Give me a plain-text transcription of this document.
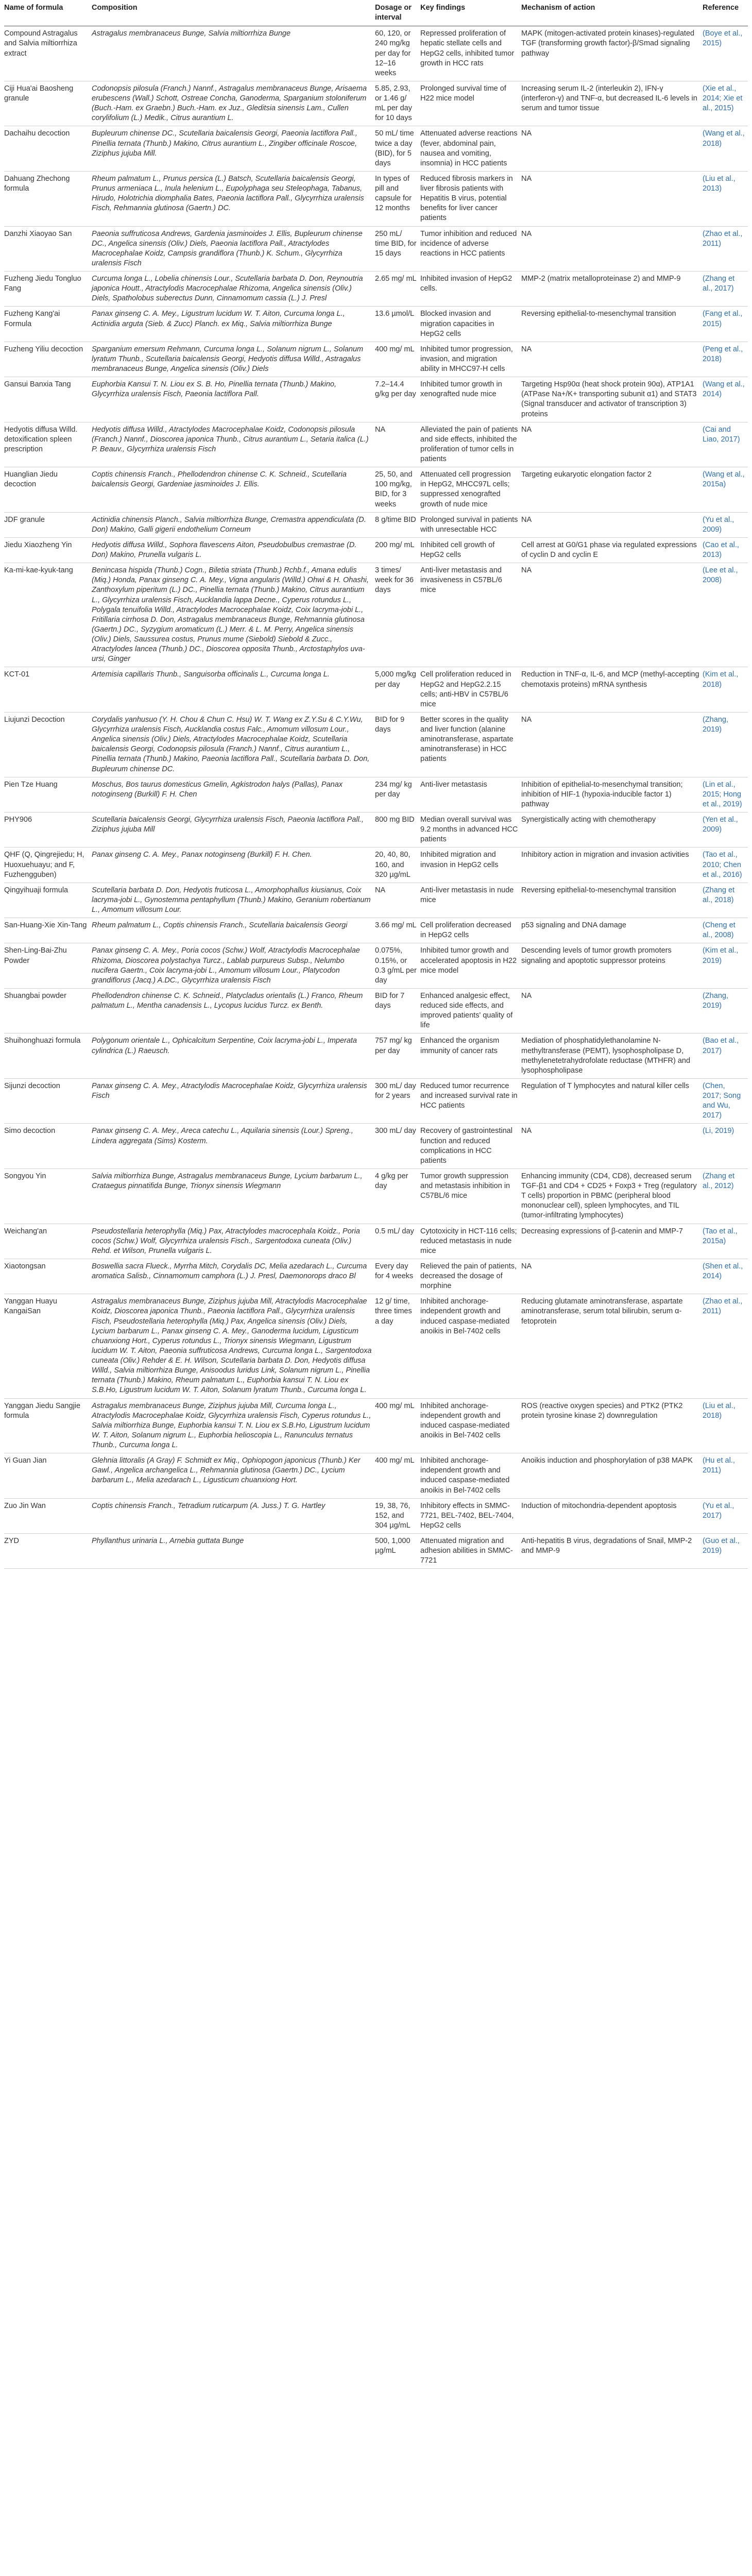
Name of formula	Composition	Dosage or interval	Key findings	Mechanism of action	Reference
Compound Astragalus and Salvia miltiorrhiza extract	Astragalus membranaceus Bunge, Salvia miltiorrhiza Bunge	60, 120, or 240 mg/kg per day for 12–16 weeks	Repressed proliferation of hepatic stellate cells and HepG2 cells, inhibited tumor growth in HCC rats	MAPK (mitogen-activated protein kinases)-regulated TGF (transforming growth factor)-β/Smad signaling pathway	(Boye et al., 2015)
Ciji Hua'ai Baosheng granule	Codonopsis pilosula (Franch.) Nannf., Astragalus membranaceus Bunge, Arisaema erubescens (Wall.) Schott, Ostreae Concha, Ganoderma, Sparganium stoloniferum (Buch.-Ham. ex Graebn.) Buch.-Ham. ex Juz., Gleditsia sinensis Lam., Cullen corylifolium (L.) Medik., Citrus aurantium L.	5.85, 2.93, or 1.46 g/ mL per day for 10 days	Prolonged survival time of H22 mice model	Increasing serum IL-2 (interleukin 2), IFN-γ (interferon-γ) and TNF-α, but decreased IL-6 levels in serum and tumor tissue	(Xie et al., 2014; Xie et al., 2015)
Dachaihu decoction	Bupleurum chinense DC., Scutellaria baicalensis Georgi, Paeonia lactiflora Pall., Pinellia ternata (Thunb.) Makino, Citrus aurantium L., Zingiber officinale Roscoe, Ziziphus jujuba Mill.	50 mL/ time twice a day (BID), for 5 days	Attenuated adverse reactions (fever, abdominal pain, nausea and vomiting, insomnia) in HCC patients	NA	(Wang et al., 2018)
Dahuang Zhechong formula	Rheum palmatum L., Prunus persica (L.) Batsch, Scutellaria baicalensis Georgi, Prunus armeniaca L., Inula helenium L., Eupolyphaga seu Steleophaga, Tabanus, Hirudo, Holotrichia diomphalia Bates, Paeonia lactiflora Pall., Glycyrrhiza uralensis Fisch, Rehmannia glutinosa (Gaertn.) DC.	In types of pill and capsule for 12 months	Reduced fibrosis markers in liver fibrosis patients with Hepatitis B virus, potential benefits for liver cancer patients	NA	(Liu et al., 2013)
Danzhi Xiaoyao San	Paeonia suffruticosa Andrews, Gardenia jasminoides J. Ellis, Bupleurum chinense DC., Angelica sinensis (Oliv.) Diels, Paeonia lactiflora Pall., Atractylodes Macrocephalae Koidz, Campsis grandiflora (Thunb.) K. Schum., Glycyrrhiza uralensis Fisch	250 mL/ time BID, for 15 days	Tumor inhibition and reduced incidence of adverse reactions in HCC patients	NA	(Zhao et al., 2011)
Fuzheng Jiedu Tongluo Fang	Curcuma longa L., Lobelia chinensis Lour., Scutellaria barbata D. Don, Reynoutria japonica Houtt., Atractylodis Macrocephalae Rhizoma, Angelica sinensis (Oliv.) Diels, Spatholobus suberectus Dunn, Cinnamomum cassia (L.) J. Presl	2.65 mg/ mL	Inhibited invasion of HepG2 cells.	MMP-2 (matrix metalloproteinase 2) and MMP-9	(Zhang et al., 2017)
Fuzheng Kang'ai Formula	Panax ginseng C. A. Mey., Ligustrum lucidum W. T. Aiton, Curcuma longa L., Actinidia arguta (Sieb. & Zucc) Planch. ex Miq., Salvia miltiorrhiza Bunge	13.6 µmol/L	Blocked invasion and migration capacities in HepG2 cells	Reversing epithelial-to-mesenchymal transition	(Fang et al., 2015)
Fuzheng Yiliu decoction	Sparganium emersum Rehmann, Curcuma longa L., Solanum nigrum L., Solanum lyratum Thunb., Scutellaria baicalensis Georgi, Hedyotis diffusa Willd., Astragalus membranaceus Bunge, Angelica sinensis (Oliv.) Diels	400 mg/ mL	Inhibited tumor progression, invasion, and migration ability in MHCC97-H cells	NA	(Peng et al., 2018)
Gansui Banxia Tang	Euphorbia Kansui T. N. Liou ex S. B. Ho, Pinellia ternata (Thunb.) Makino, Glycyrrhiza uralensis Fisch, Paeonia lactiflora Pall.	7.2–14.4 g/kg per day	Inhibited tumor growth in xenografted nude mice	Targeting Hsp90α (heat shock protein 90α), ATP1A1 (ATPase Na+/K+ transporting subunit α1) and STAT3 (Signal transducer and activator of transcription 3) proteins	(Wang et al., 2014)
Hedyotis diffusa Willd. detoxification spleen prescription	Hedyotis diffusa Willd., Atractylodes Macrocephalae Koidz, Codonopsis pilosula (Franch.) Nannf., Dioscorea japonica Thunb., Citrus aurantium L., Setaria italica (L.) P. Beauv., Glycyrrhiza uralensis Fisch	NA	Alleviated the pain of patients and side effects, inhibited the proliferation of tumor cells in patients	NA	(Cai and Liao, 2017)
Huanglian Jiedu decoction	Coptis chinensis Franch., Phellodendron chinense C. K. Schneid., Scutellaria baicalensis Georgi, Gardeniae jasminoides J. Ellis.	25, 50, and 100 mg/kg, BID, for 3 weeks	Attenuated cell progression in HepG2, MHCC97L cells; suppressed xenografted growth of nude mice	Targeting eukaryotic elongation factor 2	(Wang et al., 2015a)
JDF granule	Actinidia chinensis Planch., Salvia miltiorrhiza Bunge, Cremastra appendiculata (D. Don) Makino, Galli gigerii endothelium Corneum	8 g/time BID	Prolonged survival in patients with unresectable HCC	NA	(Yu et al., 2009)
Jiedu Xiaozheng Yin	Hedyotis diffusa Willd., Sophora flavescens Aiton, Pseudobulbus cremastrae (D. Don) Makino, Prunella vulgaris L.	200 mg/ mL	Inhibited cell growth of HepG2 cells	Cell arrest at G0/G1 phase via regulated expressions of cyclin D and cyclin E	(Cao et al., 2013)
Ka-mi-kae-kyuk-tang	Benincasa hispida (Thunb.) Cogn., Biletia striata (Thunb.) Rchb.f., Amana edulis (Miq.) Honda, Panax ginseng C. A. Mey., Vigna angularis (Willd.) Ohwi & H. Ohashi, Zanthoxylum piperitum (L.) DC., Pinellia ternata (Thunb.) Makino, Citrus aurantium L., Glycyrrhiza uralensis Fisch, Aucklandia lappa Decne., Cyperus rotundus L., Polygala tenuifolia Willd., Atractylodes Macrocephalae Koidz, Coix lacryma-jobi L., Fritillaria cirrhosa D. Don, Astragalus membranaceus Bunge, Rehmannia glutinosa (Gaertn.) DC., Syzygium aromaticum (L.) Merr. & L. M. Perry, Angelica sinensis (Oliv.) Diels, Saussurea costus, Prunus mume (Siebold) Siebold & Zucc., Atractylodes lancea (Thunb.) DC., Dioscorea opposita Thunb., Arctostaphylos uva-ursi, Ginger	3 times/ week for 36 days	Anti-liver metastasis and invasiveness in C57BL/6 mice	NA	(Lee et al., 2008)
KCT-01	Artemisia capillaris Thunb., Sanguisorba officinalis L., Curcuma longa L.	5,000 mg/kg per day	Cell proliferation reduced in HepG2 and HepG2.2.15 cells; anti-HBV in C57BL/6 mice	Reduction in TNF-α, IL-6, and MCP (methyl-accepting chemotaxis proteins) mRNA synthesis	(Kim et al., 2018)
Liujunzi Decoction	Corydalis yanhusuo (Y. H. Chou & Chun C. Hsu) W. T. Wang ex Z.Y.Su & C.Y.Wu, Glycyrrhiza uralensis Fisch, Aucklandia costus Falc., Amomum villosum Lour., Angelica sinensis (Oliv.) Diels, Atractylodes Macrocephalae Koidz, Scutellaria baicalensis Georgi, Codonopsis pilosula (Franch.) Nannf., Citrus aurantium L., Pinellia ternata (Thunb.) Makino, Paeonia lactiflora Pall., Scutellaria barbata D. Don, Bupleurum chinense DC.	BID for 9 days	Better scores in the quality and liver function (alanine aminotransferase, aspartate aminotransferase) in HCC patients	NA	(Zhang, 2019)
Pien Tze Huang	Moschus, Bos taurus domesticus Gmelin, Agkistrodon halys (Pallas), Panax notoginseng (Burkill) F. H. Chen	234 mg/ kg per day	Anti-liver metastasis	Inhibition of epithelial-to-mesenchymal transition; inhibition of HIF-1 (hypoxia-inducible factor 1) pathway	(Lin et al., 2015; Hong et al., 2019)
PHY906	Scutellaria baicalensis Georgi, Glycyrrhiza uralensis Fisch, Paeonia lactiflora Pall., Ziziphus jujuba Mill	800 mg BID	Median overall survival was 9.2 months in advanced HCC patients	Synergistically acting with chemotherapy	(Yen et al., 2009)
QHF (Q, Qingrejiedu; H, Huoxuehuayu; and F, Fuzhengguben)	Panax ginseng C. A. Mey., Panax notoginseng (Burkill) F. H. Chen.	20, 40, 80, 160, and 320 µg/mL	Inhibited migration and invasion in HepG2 cells	Inhibitory action in migration and invasion activities	(Tao et al., 2010; Chen et al., 2016)
Qingyihuaji formula	Scutellaria barbata D. Don, Hedyotis fruticosa L., Amorphophallus kiusianus, Coix lacryma-jobi L., Gynostemma pentaphyllum (Thunb.) Makino, Geranium robertianum L., Amomum villosum Lour.	NA	Anti-liver metastasis in nude mice	Reversing epithelial-to-mesenchymal transition	(Zhang et al., 2018)
San-Huang-Xie Xin-Tang	Rheum palmatum L., Coptis chinensis Franch., Scutellaria baicalensis Georgi	3.66 mg/ mL	Cell proliferation decreased in HepG2 cells	p53 signaling and DNA damage	(Cheng et al., 2008)
Shen-Ling-Bai-Zhu Powder	Panax ginseng C. A. Mey., Poria cocos (Schw.) Wolf, Atractylodis Macrocephalae Rhizoma, Dioscorea polystachya Turcz., Lablab purpureus Subsp., Nelumbo nucifera Gaertn., Coix lacryma-jobi L., Amomum villosum Lour., Platycodon grandiflorus (Jacq.) A.DC., Glycyrrhiza uralensis Fisch	0.075%, 0.15%, or 0.3 g/mL per day	Inhibited tumor growth and accelerated apoptosis in H22 mice model	Descending levels of tumor growth promoters signaling and apoptotic suppressor proteins	(Kim et al., 2019)
Shuangbai powder	Phellodendron chinense C. K. Schneid., Platycladus orientalis (L.) Franco, Rheum palmatum L., Mentha canadensis L., Lycopus lucidus Turcz. ex Benth.	BID for 7 days	Enhanced analgesic effect, reduced side effects, and improved patients' quality of life	NA	(Zhang, 2019)
Shuihonghuazi formula	Polygonum orientale L., Ophicalcitum Serpentine, Coix lacryma-jobi L., Imperata cylindrica (L.) Raeusch.	757 mg/ kg per day	Enhanced the organism immunity of cancer rats	Mediation of phosphatidylethanolamine N-methyltransferase (PEMT), lysophospholipase D, methylenetetrahydrofolate reductase (MTHFR) and lysophospholipase	(Bao et al., 2017)
Sijunzi decoction	Panax ginseng C. A. Mey., Atractylodis Macrocephalae Koidz, Glycyrrhiza uralensis Fisch	300 mL/ day for 2 years	Reduced tumor recurrence and increased survival rate in HCC patients	Regulation of T lymphocytes and natural killer cells	(Chen, 2017; Song and Wu, 2017)
Simo decoction	Panax ginseng C. A. Mey., Areca catechu L., Aquilaria sinensis (Lour.) Spreng., Lindera aggregata (Sims) Kosterm.	300 mL/ day	Recovery of gastrointestinal function and reduced complications in HCC patients	NA	(Li, 2019)
Songyou Yin	Salvia miltiorrhiza Bunge, Astragalus membranaceus Bunge, Lycium barbarum L., Crataegus pinnatifida Bunge, Trionyx sinensis Wiegmann	4 g/kg per day	Tumor growth suppression and metastasis inhibition in C57BL/6 mice	Enhancing immunity (CD4, CD8), decreased serum TGF-β1 and CD4 + CD25 + Foxp3 + Treg (regulatory T cells) proportion in PBMC (peripheral blood mononuclear cell), spleen lymphocytes, and TIL (tumor-infiltrating lymphocytes)	(Zhang et al., 2012)
Weichang'an	Pseudostellaria heterophylla (Miq.) Pax, Atractylodes macrocephala Koidz., Poria cocos (Schw.) Wolf, Glycyrrhiza uralensis Fisch., Sargentodoxa cuneata (Oliv.) Rehd. et Wilson, Prunella vulgaris L.	0.5 mL/ day	Cytotoxicity in HCT-116 cells; reduced metastasis in nude mice	Decreasing expressions of β-catenin and MMP-7	(Tao et al., 2015a)
Xiaotongsan	Boswellia sacra Flueck., Myrrha Mitch, Corydalis DC, Melia azedarach L., Curcuma aromatica Salisb., Cinnamomum camphora (L.) J. Presl, Daemonorops draco Bl	Every day for 4 weeks	Relieved the pain of patients, decreased the dosage of morphine	NA	(Shen et al., 2014)
Yanggan Huayu KangaiSan	Astragalus membranaceus Bunge, Ziziphus jujuba Mill, Atractylodis Macrocephalae Koidz, Dioscorea japonica Thunb., Paeonia lactiflora Pall., Glycyrrhiza uralensis Fisch, Pseudostellaria heterophylla (Miq.) Pax, Angelica sinensis (Oliv.) Diels, Lycium barbarum L., Panax ginseng C. A. Mey., Ganoderma lucidum, Ligusticum chuanxiong Hort., Cyperus rotundus L., Trionyx sinensis Wiegmann, Ligustrum lucidum W. T. Aiton, Paeonia suffruticosa Andrews, Curcuma longa L., Sargentodoxa cuneata (Oliv.) Rehder & E. H. Wilson, Scutellaria barbata D. Don, Hedyotis diffusa Willd., Salvia miltiorrhiza Bunge, Anisoodus luridus Link, Solanum nigrum L., Pinellia ternata (Thunb.) Makino, Rheum palmatum L., Euphorbia kansui T. N. Liou ex S.B.Ho, Ligustrum lucidum W. T. Aiton, Solanum lyratum Thunb., Curcuma longa L.	12 g/ time, three times a day	Inhibited anchorage-independent growth and induced caspase-mediated anoikis in Bel-7402 cells	Reducing glutamate aminotransferase, aspartate aminotransferase, serum total bilirubin, serum α-fetoprotein	(Zhao et al., 2011)
Yanggan Jiedu Sangjie formula	Astragalus membranaceus Bunge, Ziziphus jujuba Mill, Curcuma longa L., Atractylodis Macrocephalae Koidz, Glycyrrhiza uralensis Fisch, Cyperus rotundus L., Salvia miltiorrhiza Bunge, Euphorbia kansui T. N. Liou ex S.B.Ho, Ligustrum lucidum W. T. Aiton, Solanum nigrum L., Euphorbia helioscopia L., Ranunculus ternatus Thunb., Curcuma longa L.	400 mg/ mL	Inhibited anchorage-independent growth and induced caspase-mediated anoikis in Bel-7402 cells	ROS (reactive oxygen species) and PTK2 (PTK2 protein tyrosine kinase 2) downregulation	(Liu et al., 2018)
Yi Guan Jian	Glehnia littoralis (A Gray) F. Schmidt ex Miq., Ophiopogon japonicus (Thunb.) Ker Gawl., Angelica archangelica L., Rehmannia glutinosa (Gaertn.) DC., Lycium barbarum L., Melia azedarach L., Ligusticum chuanxiong Hort.	400 mg/ mL	Inhibited anchorage-independent growth and induced caspase-mediated anoikis in Bel-7402 cells	Anoikis induction and phosphorylation of p38 MAPK	(Hu et al., 2011)
Zuo Jin Wan	Coptis chinensis Franch., Tetradium ruticarpum (A. Juss.) T. G. Hartley	19, 38, 76, 152, and 304 µg/mL	Inhibitory effects in SMMC-7721, BEL-7402, BEL-7404, HepG2 cells	Induction of mitochondria-dependent apoptosis	(Yu et al., 2017)
ZYD	Phyllanthus urinaria L., Arnebia guttata Bunge	500, 1,000 µg/mL	Attenuated migration and adhesion abilities in SMMC-7721	Anti-hepatitis B virus, degradations of Snail, MMP-2 and MMP-9	(Guo et al., 2019)
